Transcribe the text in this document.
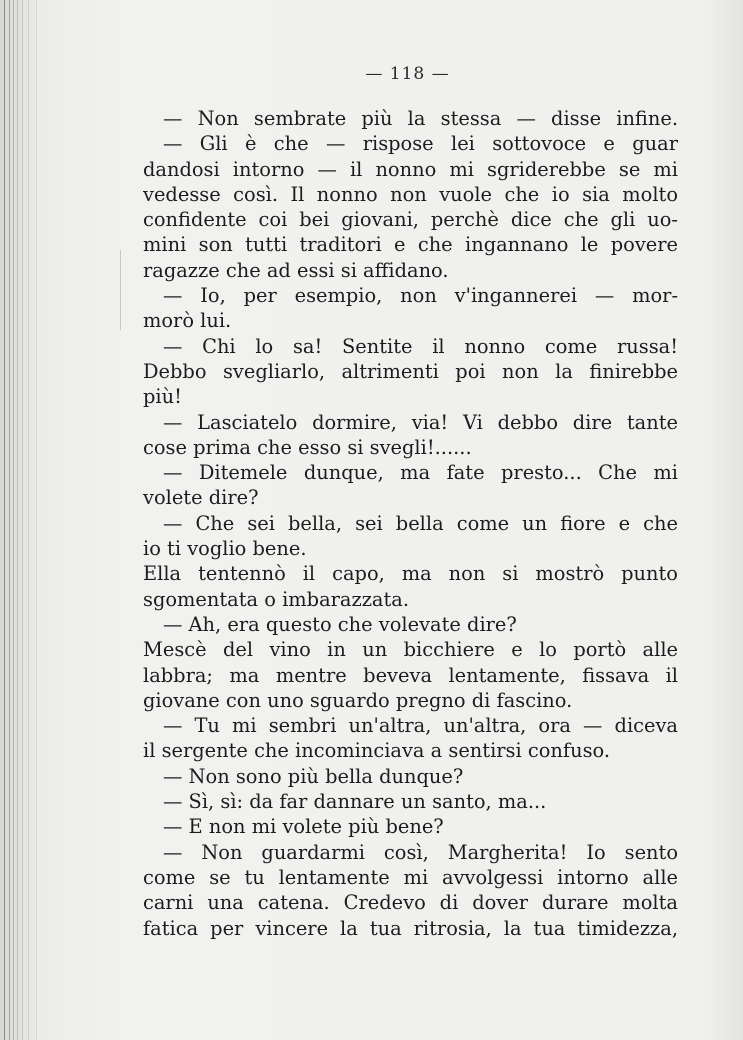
— 118 —
— Non sembrate più la stessa — disse infine.
— Gli è che — rispose lei sottovoce e guar
dandosi intorno — il nonno mi sgriderebbe se mi
vedesse così. Il nonno non vuole che io sia molto
confidente coi bei giovani, perchè dice che gli uo-
mini son tutti traditori e che ingannano le povere
ragazze che ad essi si affidano.
— Io, per esempio, non v'ingannerei — mor-
morò lui.
— Chi lo sa! Sentite il nonno come russa!
Debbo svegliarlo, altrimenti poi non la finirebbe
più!
— Lasciatelo dormire, via! Vi debbo dire tante
cose prima che esso si svegli!......
— Ditemele dunque, ma fate presto... Che mi
volete dire?
— Che sei bella, sei bella come un fiore e che
io ti voglio bene.
Ella tentennò il capo, ma non si mostrò punto
sgomentata o imbarazzata.
— Ah, era questo che volevate dire?
Mescè del vino in un bicchiere e lo portò alle
labbra; ma mentre beveva lentamente, fissava il
giovane con uno sguardo pregno di fascino.
— Tu mi sembri un'altra, un'altra, ora — diceva
il sergente che incominciava a sentirsi confuso.
— Non sono più bella dunque?
— Sì, sì: da far dannare un santo, ma...
— E non mi volete più bene?
— Non guardarmi così, Margherita! Io sento
come se tu lentamente mi avvolgessi intorno alle
carni una catena. Credevo di dover durare molta
fatica per vincere la tua ritrosia, la tua timidezza,
